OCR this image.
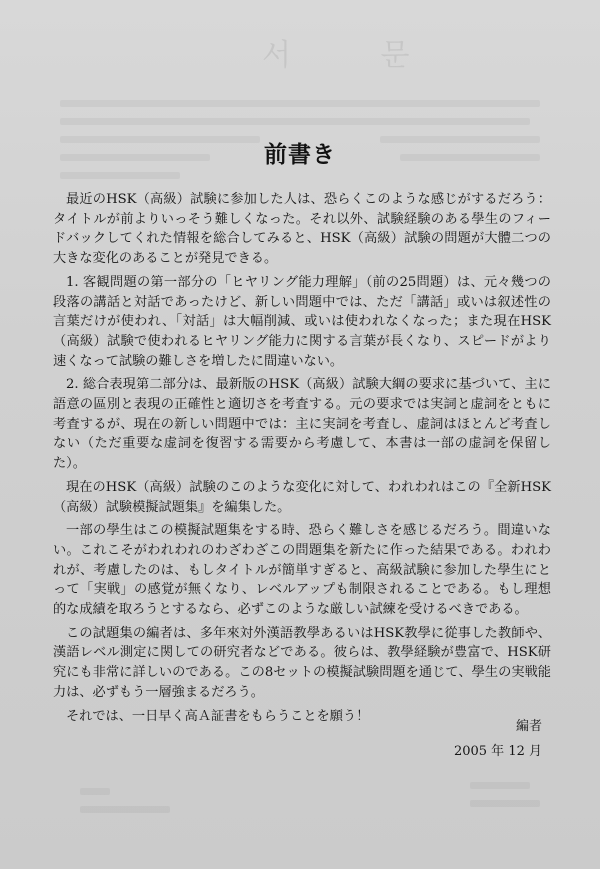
서 문
前書き

最近のHSK（高級）試験に参加した人は、恐らくこのような感じがするだろう：タイトルが前よりいっそう難しくなった。それ以外、試験経験のある學生のフィードバックしてくれた情報を総合してみると、HSK（高級）試験の問題が大體二つの大きな変化のあることが発見できる。

1. 客観問題の第一部分の「ヒヤリング能力理解」（前の25問題）は、元々幾つの段落の講話と対話であったけど、新しい問題中では、ただ「講話」或いは叙述性の言葉だけが使われ、「対話」は大幅削減、或いは使われなくなった；また現在HSK（高級）試験で使われるヒヤリング能力に関する言葉が長くなり、スピードがより速くなって試験の難しさを増したに間違いない。

2. 総合表現第二部分は、最新版のHSK（高級）試験大綱の要求に基づいて、主に語意の區別と表現の正確性と適切さを考査する。元の要求では実詞と虚詞をともに考査するが、現在の新しい問題中では：主に実詞を考査し、虚詞はほとんど考査しない（ただ重要な虚詞を復習する需要から考慮して、本書は一部の虚詞を保留した）。

現在のHSK（高級）試験のこのような変化に対して、われわれはこの『全新HSK（高級）試験模擬試題集』を編集した。

一部の學生はこの模擬試題集をする時、恐らく難しさを感じるだろう。間違いない。これこそがわれわれのわざわざこの問題集を新たに作った結果である。われわれが、考慮したのは、もしタイトルが簡単すぎると、高級試験に参加した學生にとって「実戦」の感覚が無くなり、レベルアップも制限されることである。もし理想的な成績を取ろうとするなら、必ずこのような厳しい試練を受けるべきである。

この試題集の編者は、多年來対外漢語教學あるいはHSK教學に從事した教師や、漢語レベル測定に関しての研究者などである。彼らは、教學経験が豊富で、HSK研究にも非常に詳しいのである。この8セットの模擬試験問題を通じて、學生の実戦能力は、必ずもう一層強まるだろう。

それでは、一日早く高Ａ証書をもらうことを願う！

編者
2005 年 12 月
